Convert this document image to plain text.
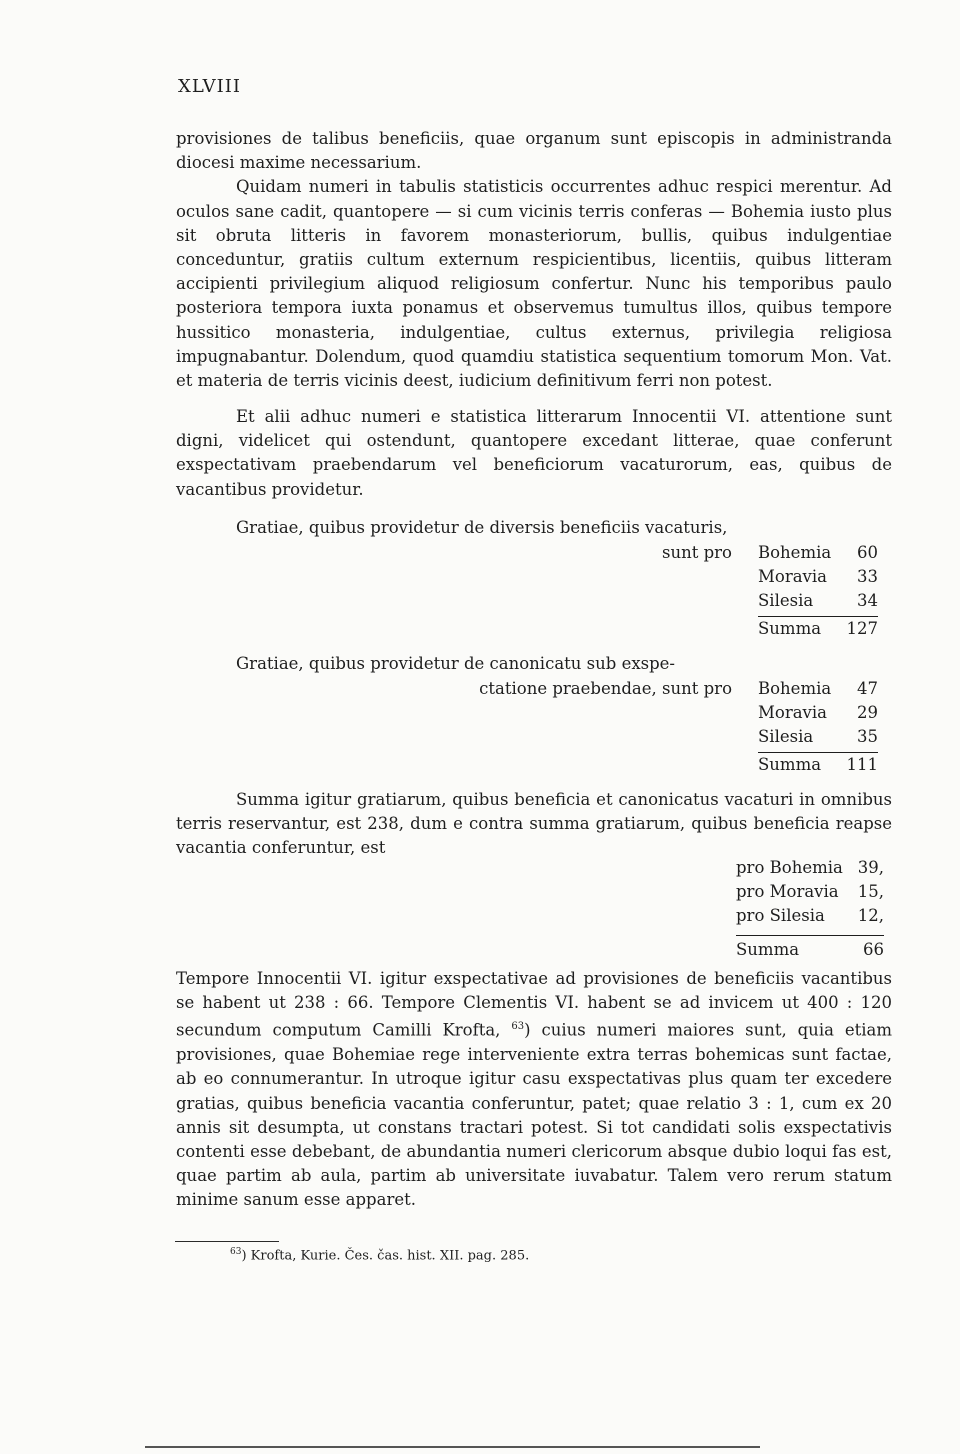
XLVIII
provisiones de talibus beneficiis, quae organum sunt episcopis in administranda diocesi maxime necessarium.
Quidam numeri in tabulis statisticis occurrentes adhuc respici merentur. Ad oculos sane cadit, quantopere — si cum vicinis terris conferas — Bohemia iusto plus sit obruta litteris in favorem monasteriorum, bullis, quibus indulgentiae conceduntur, gratiis cultum externum respicientibus, licentiis, quibus litteram accipienti privilegium aliquod religiosum confertur. Nunc his temporibus paulo posteriora tempora iuxta ponamus et observemus tumultus illos, quibus tempore hussitico monasteria, indulgentiae, cultus externus, privilegia religiosa impugnabantur. Dolendum, quod quamdiu statistica sequentium tomorum Mon. Vat. et materia de terris vicinis deest, iudicium definitivum ferri non potest.
Et alii adhuc numeri e statistica litterarum Innocentii VI. attentione sunt digni, videlicet qui ostendunt, quantopere excedant litterae, quae conferunt exspectativam praebendarum vel beneficiorum vacaturorum, eas, quibus de vacantibus providetur.
Gratiae, quibus providetur de diversis beneficiis vacaturis,
sunt pro Bohemia 60
Moravia 33
Silesia	34
Summa 127
Gratiae, quibus providetur de canonicatu sub exspe-
ctatione praebendae, sunt pro Bohemia 47
Moravia 29
Silesia	35
Summa 111
Summa igitur gratiarum, quibus beneficia et canonicatus vacaturi in omnibus terris reservantur, est 238, dum e contra summa gratiarum, quibus beneficia reapse vacantia conferuntur, est
pro Bohemia 39,
pro Moravia 15,
pro Silesia 12,
Summa	66
Tempore Innocentii VI. igitur exspectativae ad provisiones de beneficiis vacantibus se habent ut 238 : 66. Tempore Clementis VI. habent se ad invicem ut 400 : 120 secundum computum Camilli Krofta, $^{63}$) cuius numeri maiores sunt, quia etiam provisiones, quae Bohemiae rege interveniente extra terras bohemicas sunt factae, ab eo connumerantur. In utroque igitur casu exspectativas plus quam ter excedere gratias, quibus beneficia vacantia conferuntur, patet; quae relatio 3 : 1, cum ex 20 annis sit desumpta, ut constans tractari potest. Si tot candidati solis exspectativis contenti esse debebant, de abundantia numeri clericorum absque dubio loqui fas est, quae partim ab aula, partim ab universitate iuvabatur. Talem vero rerum statum minime sanum esse apparet.
$^{63}$) Krofta, Kurie. Čes. čas. hist. XII. pag. 285.
